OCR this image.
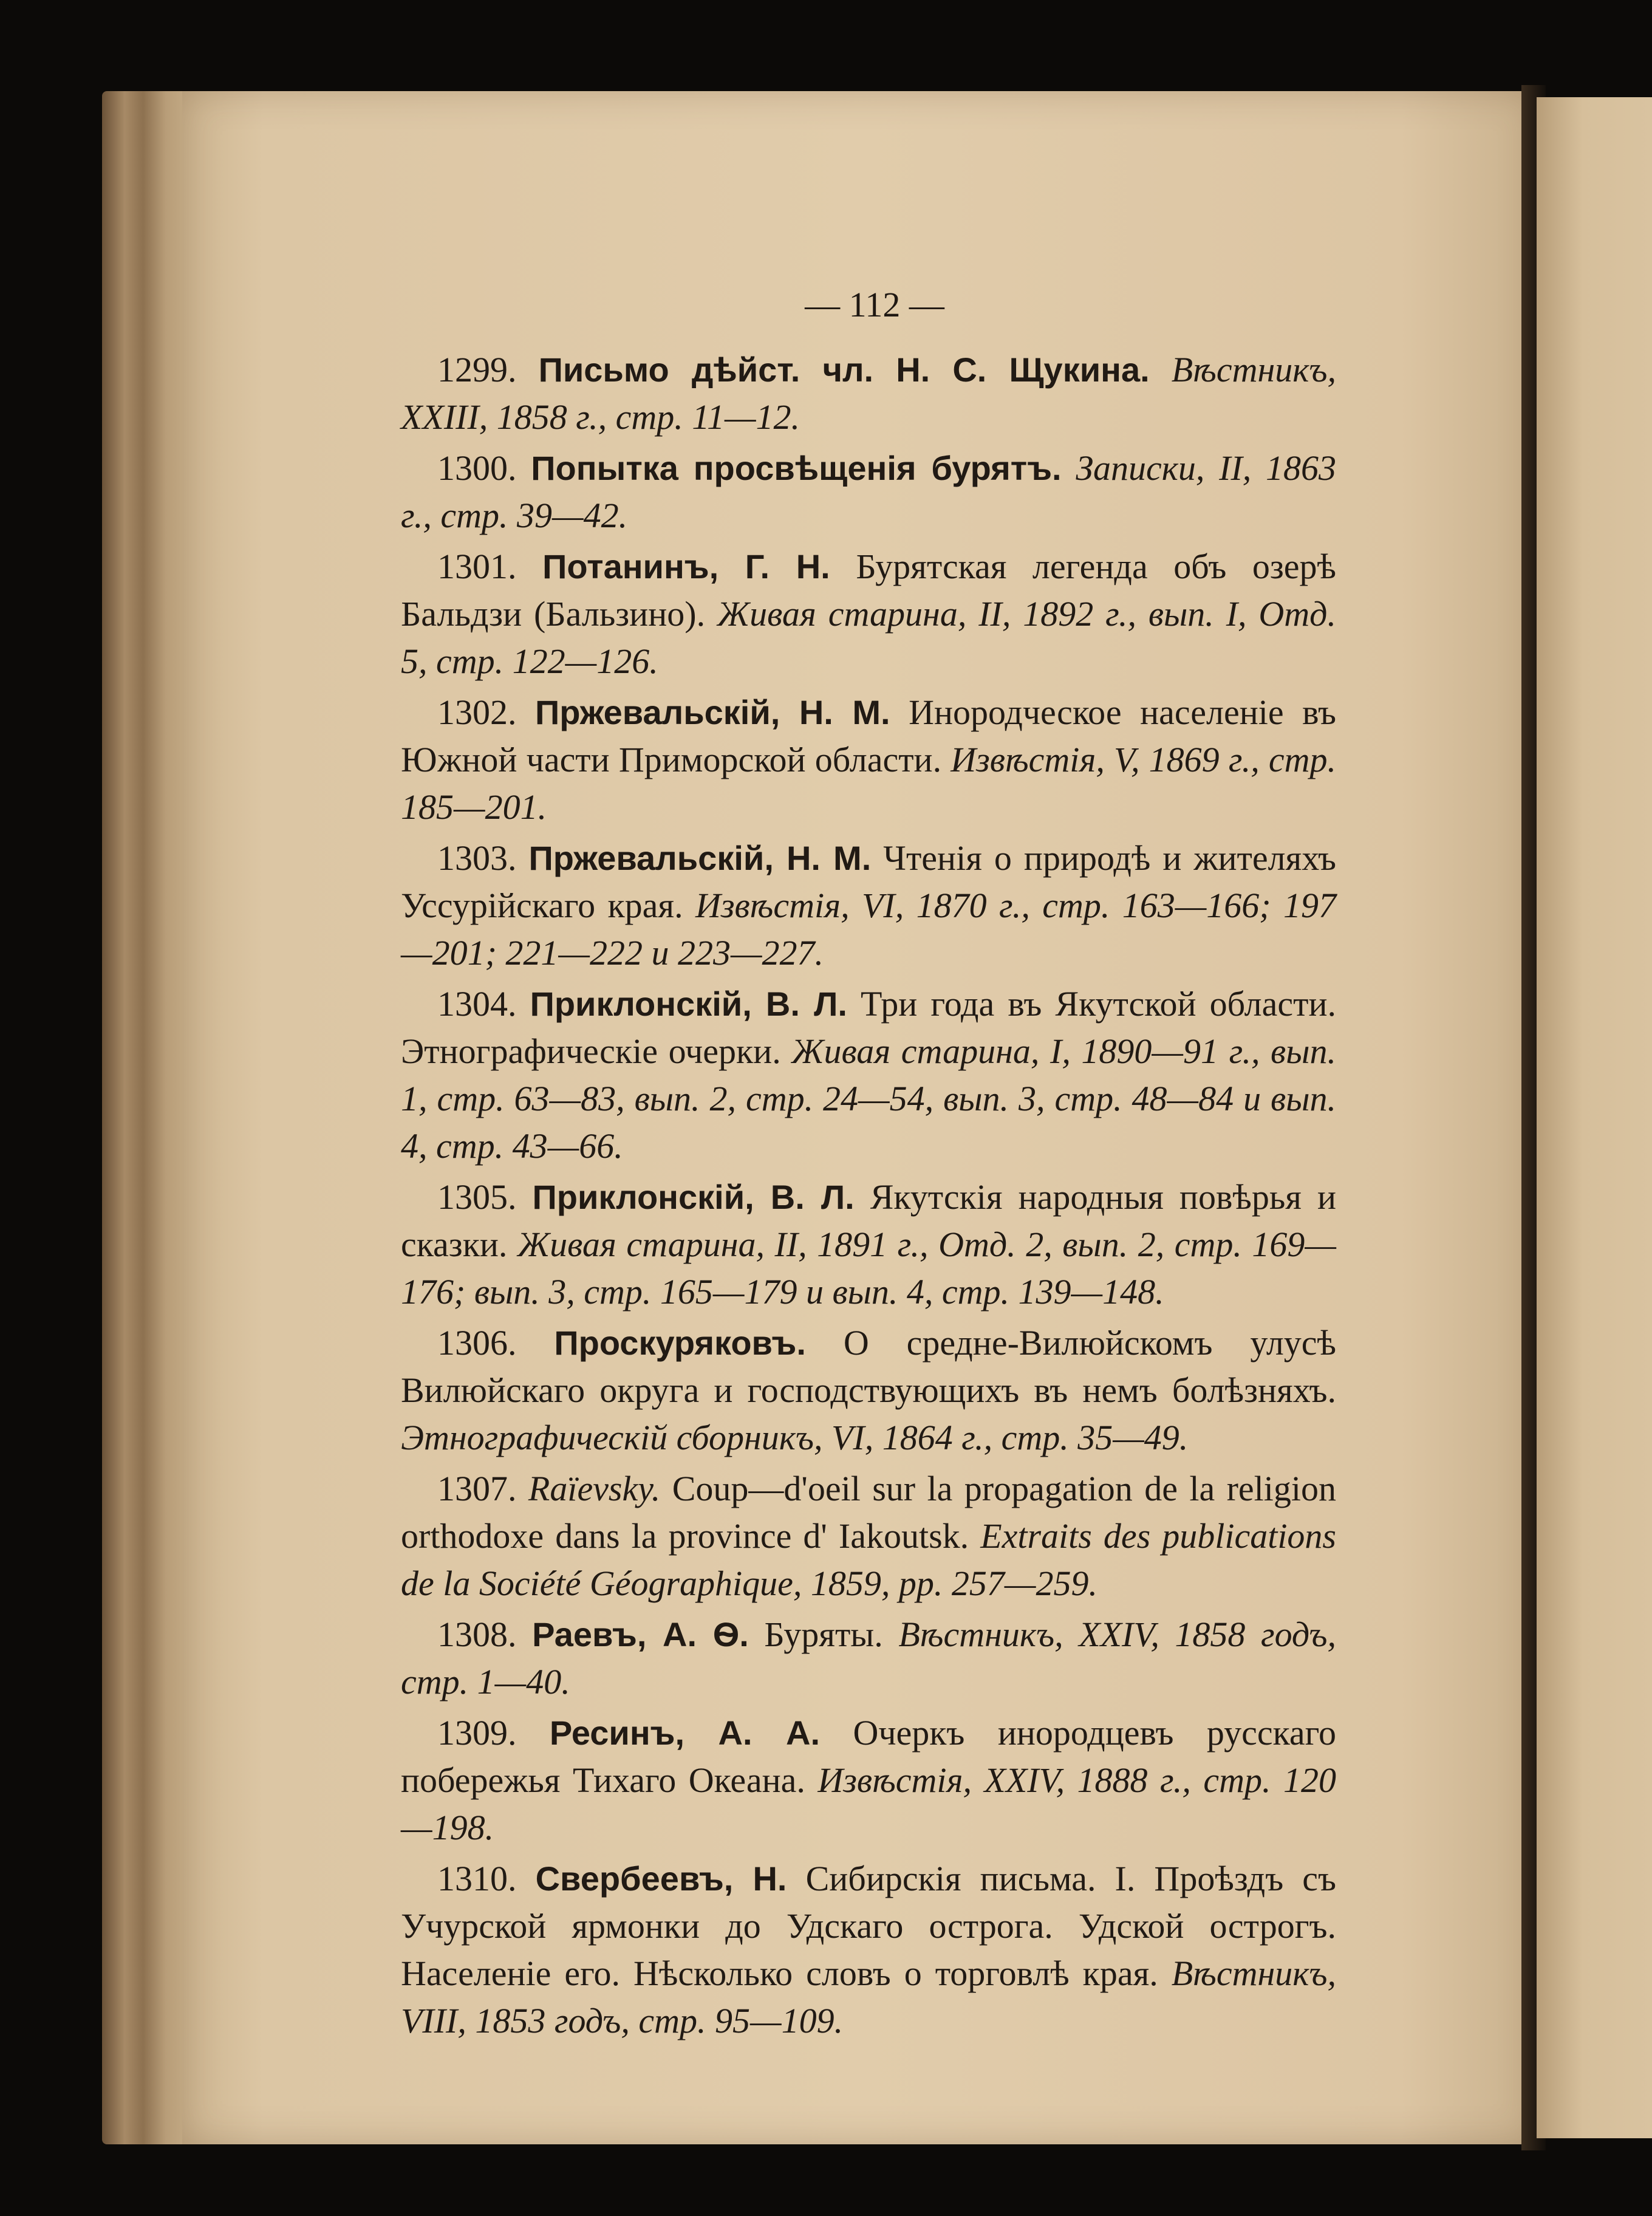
— 112 —

1299. Письмо дѣйст. чл. Н. С. Щукина. Вѣстникъ, XXIII, 1858 г., стр. 11—12.

1300. Попытка просвѣщенія бурятъ. Записки, II, 1863 г., стр. 39—42.

1301. Потанинъ, Г. Н. Бурятская легенда объ озерѣ Бальдзи (Бальзино). Живая старина, II, 1892 г., вып. I, Отд. 5, стр. 122—126.

1302. Пржевальскій, Н. М. Инородческое населеніе въ Южной части Приморской области. Извѣстія, V, 1869 г., стр. 185—201.

1303. Пржевальскій, Н. М. Чтенія о природѣ и жителяхъ Уссурійскаго края. Извѣстія, VI, 1870 г., стр. 163—166; 197—201; 221—222 и 223—227.

1304. Приклонскій, В. Л. Три года въ Якутской области. Этнографическіе очерки. Живая старина, I, 1890—91 г., вып. 1, стр. 63—83, вып. 2, стр. 24—54, вып. 3, стр. 48—84 и вып. 4, стр. 43—66.

1305. Приклонскій, В. Л. Якутскія народныя повѣрья и сказки. Живая старина, II, 1891 г., Отд. 2, вып. 2, стр. 169—176; вып. 3, стр. 165—179 и вып. 4, стр. 139—148.

1306. Проскуряковъ. О средне-Вилюйскомъ улусѣ Вилюйскаго округа и господствующихъ въ немъ болѣзняхъ. Этнографическій сборникъ, VI, 1864 г., стр. 35—49.

1307. Raïevsky. Coup—d'oeil sur la propagation de la religion orthodoxe dans la province d' Iakoutsk. Extraits des publications de la Société Géographique, 1859, pp. 257—259.

1308. Раевъ, А. Ѳ. Буряты. Вѣстникъ, XXIV, 1858 годъ, стр. 1—40.

1309. Ресинъ, А. А. Очеркъ инородцевъ русскаго побережья Тихаго Океана. Извѣстія, XXIV, 1888 г., стр. 120—198.

1310. Свербеевъ, Н. Сибирскія письма. I. Проѣздъ съ Учурской ярмонки до Удскаго острога. Удской острогъ. Населеніе его. Нѣсколько словъ о торговлѣ края. Вѣстникъ, VIII, 1853 годъ, стр. 95—109.
